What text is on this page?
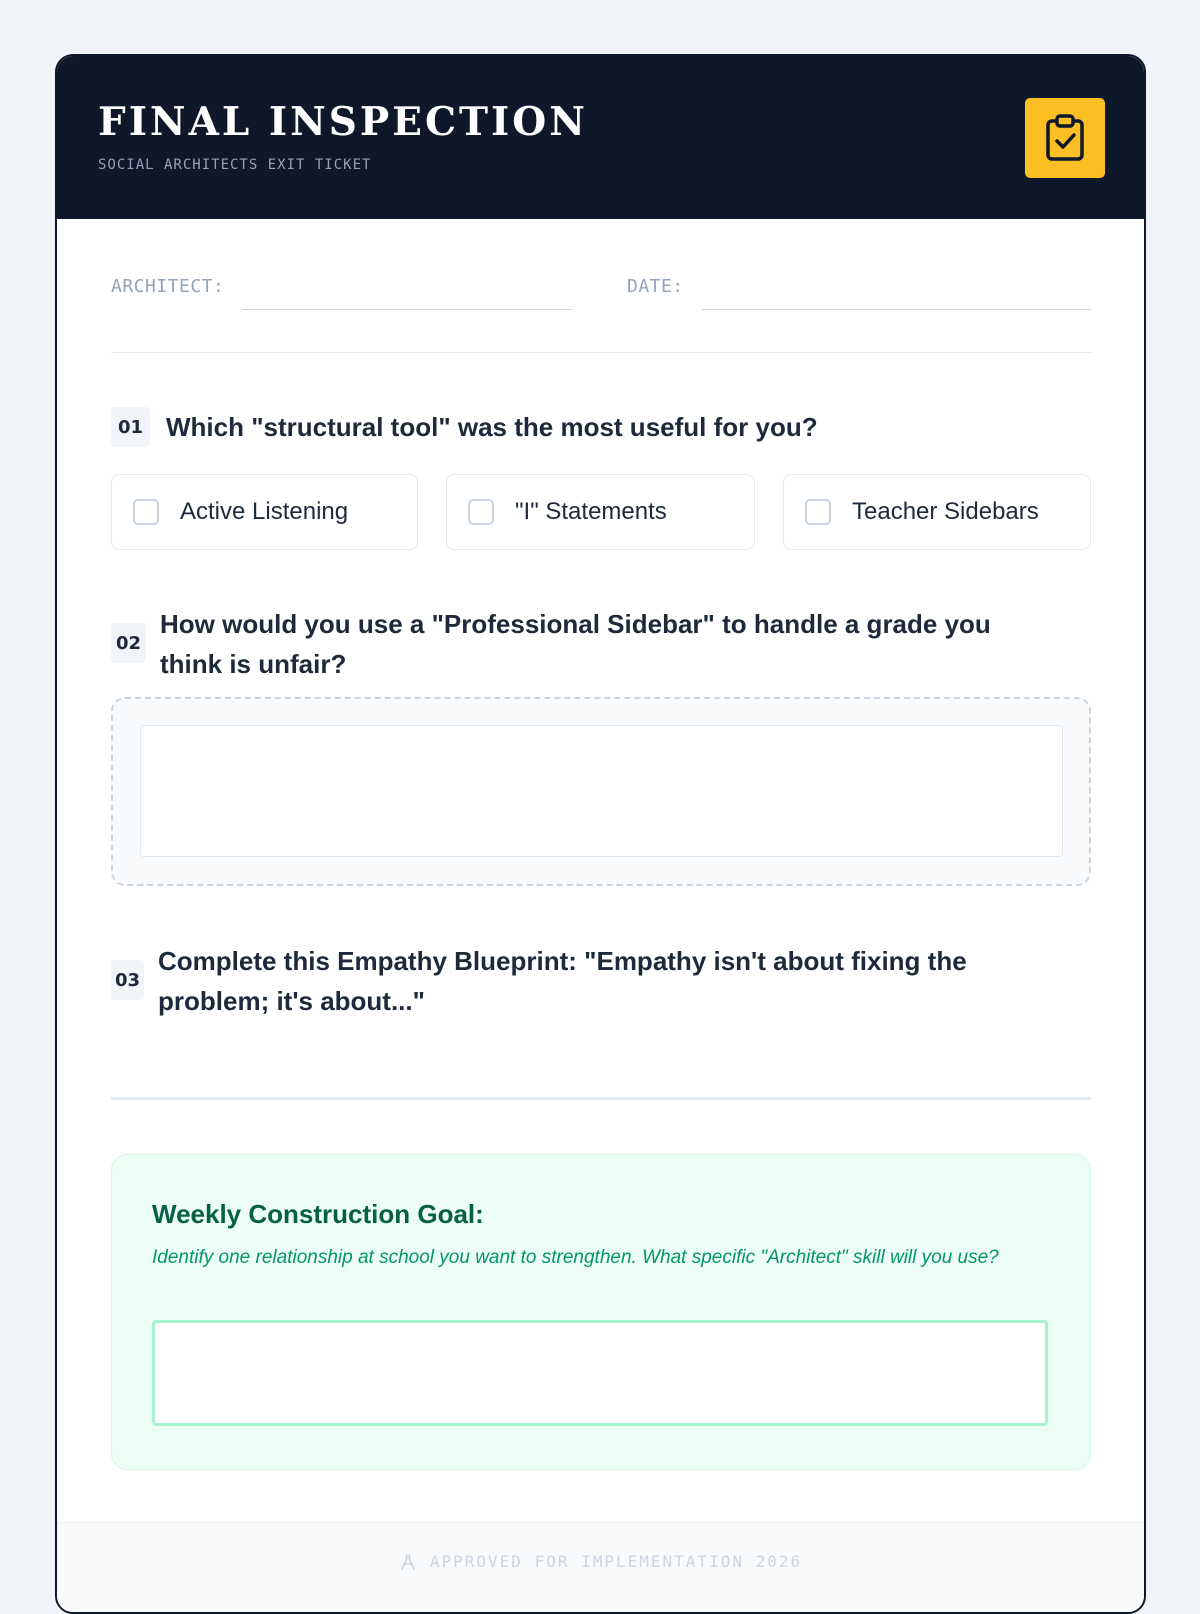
FINAL INSPECTION
SOCIAL ARCHITECTS EXIT TICKET
ARCHITECT:	DATE:
01 Which "structural tool" was the most useful for you?
Active Listening	"I" Statements	Teacher Sidebars
02
How would you use a "Professional Sidebar" to handle a grade you think is unfair?
03
Complete this Empathy Blueprint: "Empathy isn't about fixing the problem; it's about..."
Weekly Construction Goal:
Identify one relationship at school you want to strengthen. What specific "Architect" skill will you use?
APPROVED FOR IMPLEMENTATION 2026
